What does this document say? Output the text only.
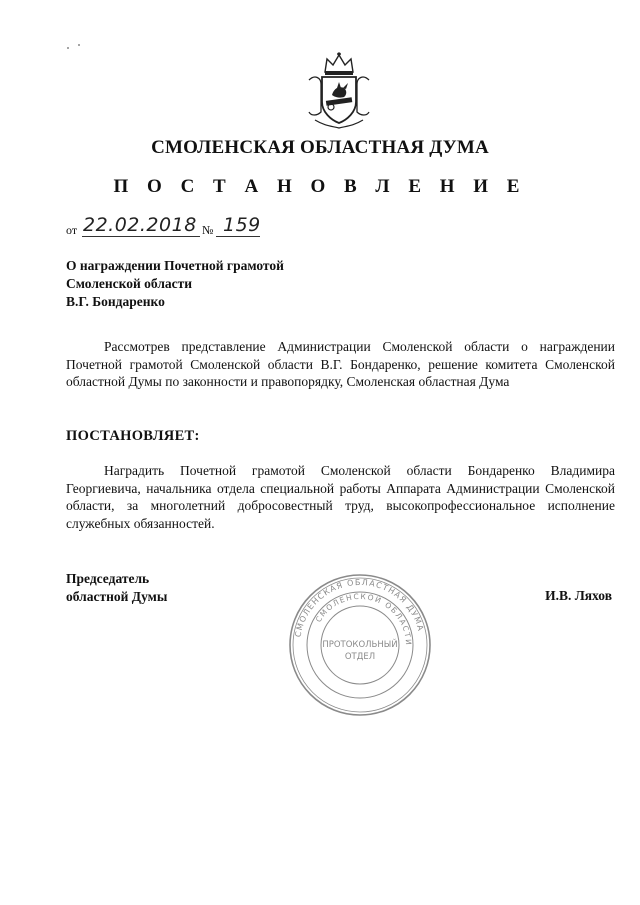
СМОЛЕНСКАЯ ОБЛАСТНАЯ ДУМА
П О С Т А Н О В Л Е Н И Е
от 22.02.2018 № 159
О награждении Почетной грамотой
Смоленской области
В.Г. Бондаренко
Рассмотрев представление Администрации Смоленской области о награждении Почетной грамотой Смоленской области В.Г. Бондаренко, решение комитета Смоленской областной Думы по законности и правопорядку, Смоленская областная Дума
ПОСТАНОВЛЯЕТ:
Наградить Почетной грамотой Смоленской области Бондаренко Владимира Георгиевича, начальника отдела специальной работы Аппарата Администрации Смоленской области, за многолетний добросовестный труд, высокопрофессиональное исполнение служебных обязанностей.
Председатель
областной Думы	И.В. Ляхов
СМОЛЕНСКАЯ ОБЛАСТНАЯ ДУМА
СМОЛЕНСКОЙ ОБЛАСТИ
ПРОТОКОЛЬНЫЙ
ОТДЕЛ
